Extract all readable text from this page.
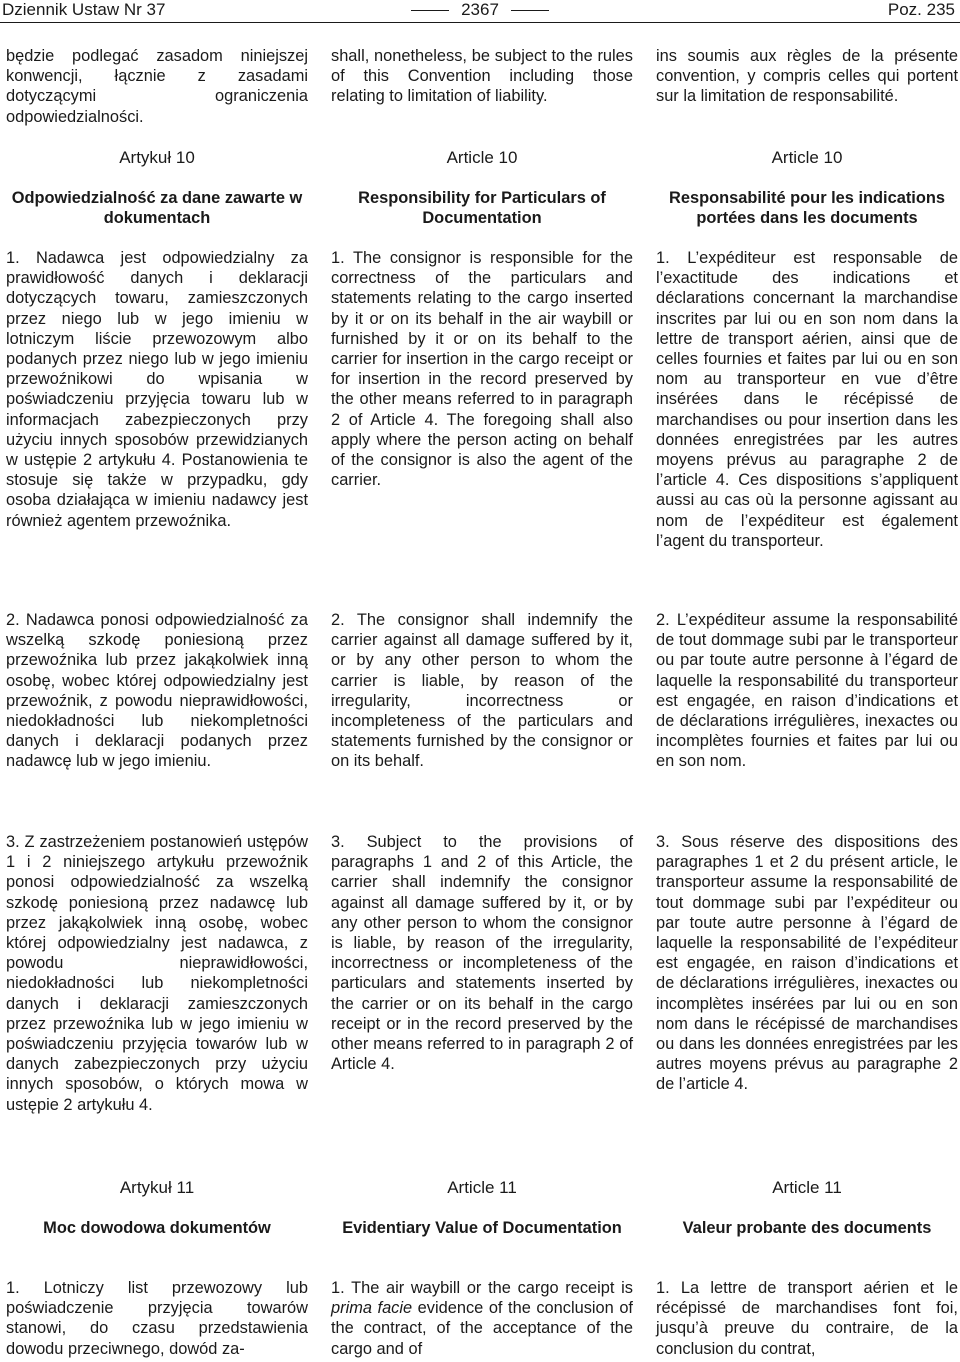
Dziennik Ustaw Nr 37	2367	Poz. 235

będzie podlegać zasadom niniejszej konwencji, łącznie z zasadami dotyczącymi ograniczenia odpowiedzialności.

Artykuł 10

Odpowiedzialność za dane zawarte w dokumentach

1. Nadawca jest odpowiedzialny za prawidłowość danych i deklaracji dotyczących towaru, zamieszczonych przez niego lub w jego imieniu w lotniczym liście przewozowym albo podanych przez niego lub w jego imieniu przewoźnikowi do wpisania w poświadczeniu przyjęcia towaru lub w informacjach zabezpieczonych przy użyciu innych sposobów przewidzianych w ustępie 2 artykułu 4. Postanowienia te stosuje się także w przypadku, gdy osoba działająca w imieniu nadawcy jest również agentem przewoźnika.

2. Nadawca ponosi odpowiedzialność za wszelką szkodę poniesioną przez przewoźnika lub przez jakąkolwiek inną osobę, wobec której odpowiedzialny jest przewoźnik, z powodu nieprawidłowości, niedokładności lub niekompletności danych i deklaracji podanych przez nadawcę lub w jego imieniu.

3. Z zastrzeżeniem postanowień ustępów 1 i 2 niniejszego artykułu przewoźnik ponosi odpowiedzialność za wszelką szkodę poniesioną przez nadawcę lub przez jakąkolwiek inną osobę, wobec której odpowiedzialny jest nadawca, z powodu nieprawidłowości, niedokładności lub niekompletności danych i deklaracji zamieszczonych przez przewoźnika lub w jego imieniu w poświadczeniu przyjęcia towarów lub w danych zabezpieczonych przy użyciu innych sposobów, o których mowa w ustępie 2 artykułu 4.

Artykuł 11

Moc dowodowa dokumentów

1. Lotniczy list przewozowy lub poświadczenie przyjęcia towarów stanowi, do czasu przedstawienia dowodu przeciwnego, dowód za-

shall, nonetheless, be subject to the rules of this Convention including those relating to limitation of liability.

Article 10

Responsibility for Particulars of Documentation

1. The consignor is responsible for the correctness of the particulars and statements relating to the cargo inserted by it or on its behalf in the air waybill or furnished by it or on its behalf to the carrier for insertion in the cargo receipt or for insertion in the record preserved by the other means referred to in paragraph 2 of Article 4. The foregoing shall also apply where the person acting on behalf of the consignor is also the agent of the carrier.

2. The consignor shall indemnify the carrier against all damage suffered by it, or by any other person to whom the carrier is liable, by reason of the irregularity, incorrectness or incompleteness of the particulars and statements furnished by the consignor or on its behalf.

3. Subject to the provisions of paragraphs 1 and 2 of this Article, the carrier shall indemnify the consignor against all damage suffered by it, or by any other person to whom the consignor is liable, by reason of the irregularity, incorrectness or incompleteness of the particulars and statements inserted by the carrier or on its behalf in the cargo receipt or in the record preserved by the other means referred to in paragraph 2 of Article 4.

Article 11

Evidentiary Value of Documentation

1. The air waybill or the cargo receipt is prima facie evidence of the conclusion of the contract, of the acceptance of the cargo and of

ins soumis aux règles de la présente convention, y compris celles qui portent sur la limitation de responsabilité.

Article 10

Responsabilité pour les indications portées dans les documents

1. L’expéditeur est responsable de l’exactitude des indications et déclarations concernant la marchandise inscrites par lui ou en son nom dans la lettre de transport aérien, ainsi que de celles fournies et faites par lui ou en son nom au transporteur en vue d’être insérées dans le récépissé de marchandises ou pour insertion dans les données enregistrées par les autres moyens prévus au paragraphe 2 de l’article 4. Ces dispositions s’appliquent aussi au cas où la personne agissant au nom de l’expéditeur est également l’agent du transporteur.

2. L’expéditeur assume la responsabilité de tout dommage subi par le transporteur ou par toute autre personne à l’égard de laquelle la responsabilité du transporteur est engagée, en raison d’indications et de déclarations irrégulières, inexactes ou incomplètes fournies et faites par lui ou en son nom.

3. Sous réserve des dispositions des paragraphes 1 et 2 du présent article, le transporteur assume la responsabilité de tout dommage subi par l’expéditeur ou par toute autre personne à l’égard de laquelle la responsabilité de l’expéditeur est engagée, en raison d’indications et de déclarations irrégulières, inexactes ou incomplètes insérées par lui ou en son nom dans le récépissé de marchandises ou dans les données enregistrées par les autres moyens prévus au paragraphe 2 de l’article 4.

Article 11

Valeur probante des documents

1. La lettre de transport aérien et le récépissé de marchandises font foi, jusqu’à preuve du contraire, de la conclusion du contrat,
